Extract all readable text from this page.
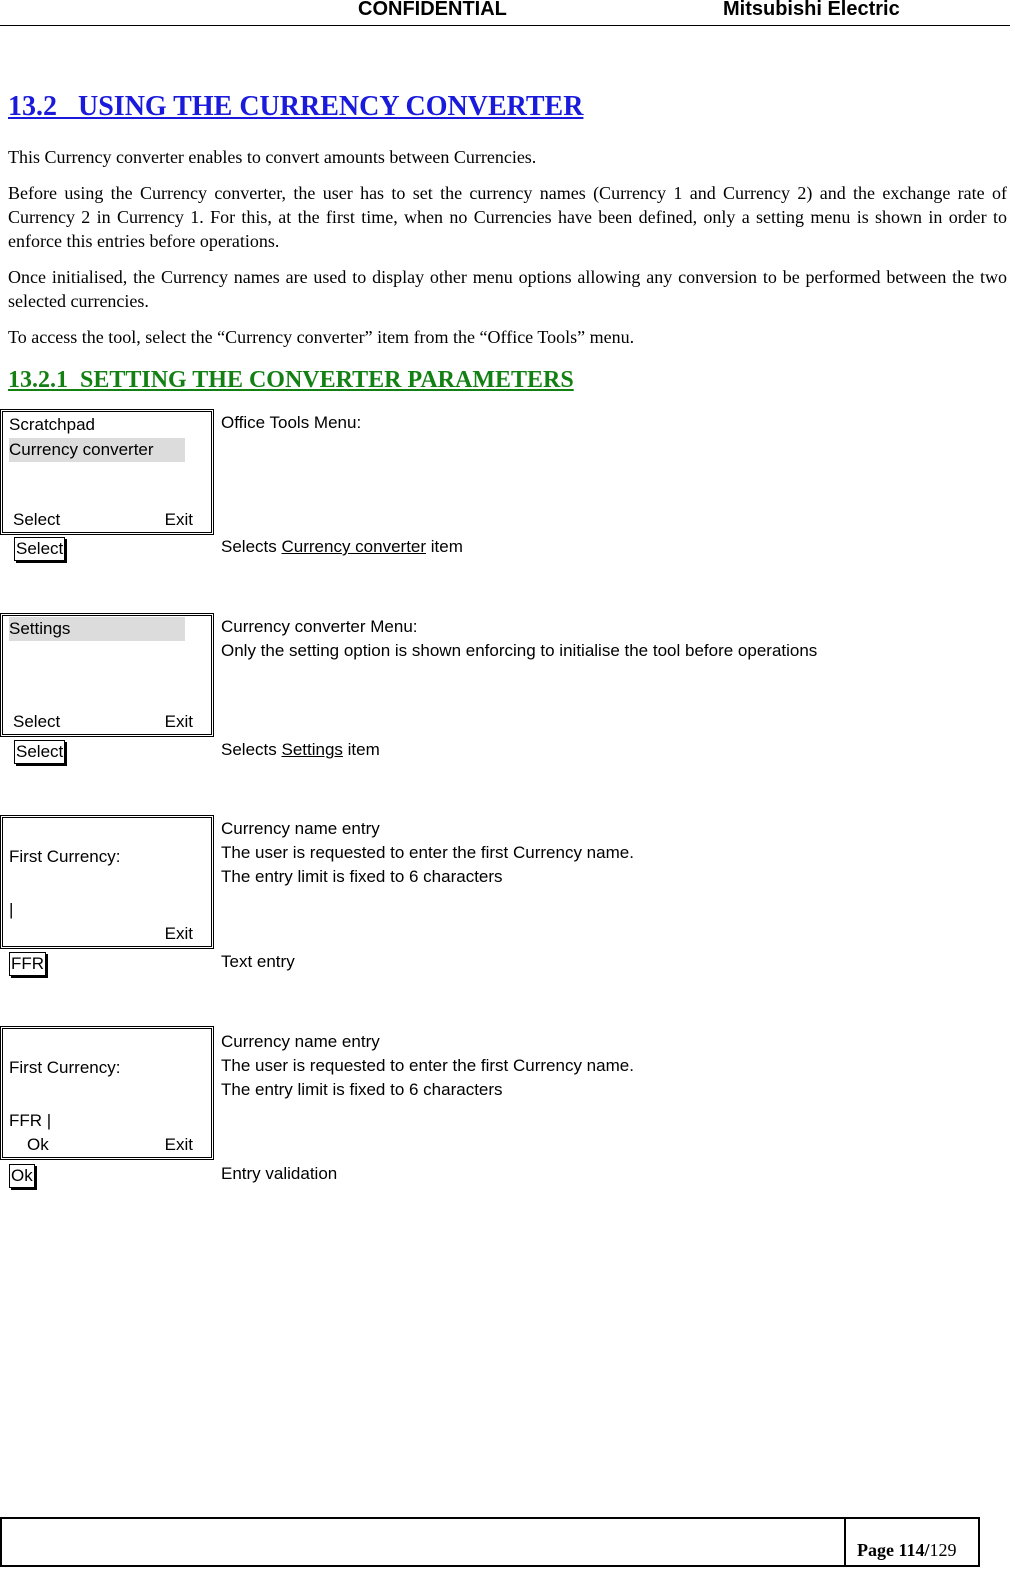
CONFIDENTIAL	Mitsubishi Electric
13.2 USING THE CURRENCY CONVERTER
This Currency converter enables to convert amounts between Currencies.
Before using the Currency converter, the user has to set the currency names (Currency 1 and Currency 2) and the exchange rate of Currency 2 in Currency 1. For this, at the first time, when no Currencies have been defined, only a setting menu is shown in order to enforce this entries before operations.
Once initialised, the Currency names are used to display other menu options allowing any conversion to be performed between the two selected currencies.
To access the tool, select the “Currency converter” item from the “Office Tools” menu.
13.2.1 SETTING THE CONVERTER PARAMETERS
Scratchpad
Currency converter
Select	Exit
Office Tools Menu:
Select	Selects Currency converter item
Settings
Select	Exit
Currency converter Menu:
Only the setting option is shown enforcing to initialise the tool before operations
Select	Selects Settings item
First Currency:
|
Exit
Currency name entry
The user is requested to enter the first Currency name.
The entry limit is fixed to 6 characters
FFR	Text entry
First Currency:
FFR |
Ok	Exit
Currency name entry
The user is requested to enter the first Currency name.
The entry limit is fixed to 6 characters
Ok	Entry validation
Page 114/129
